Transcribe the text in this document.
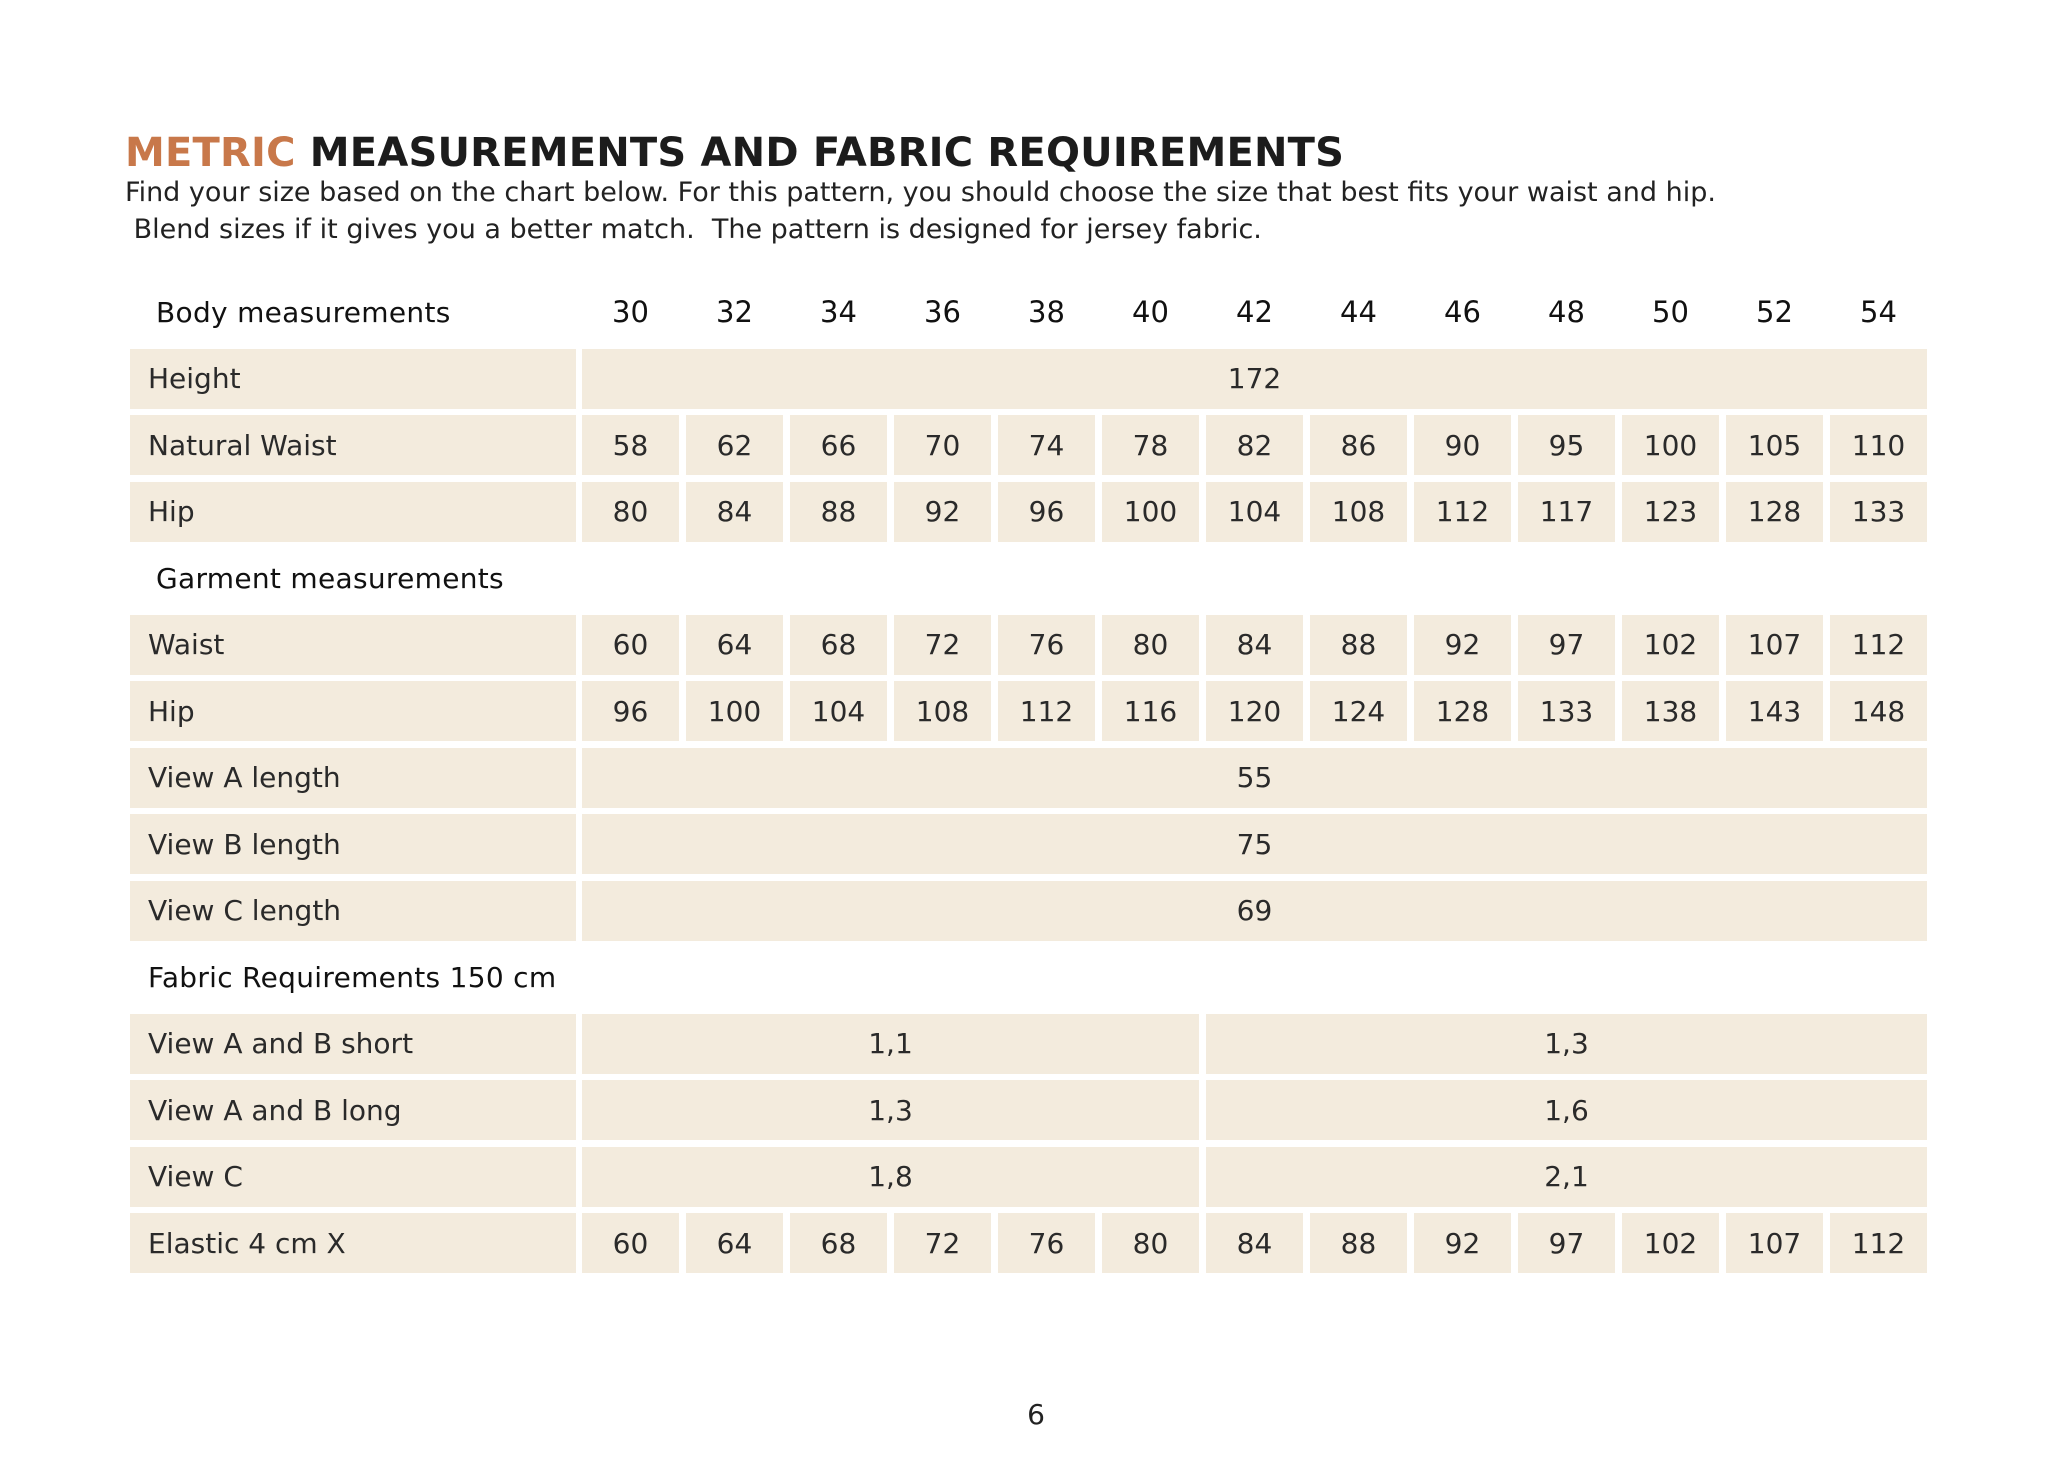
METRIC MEASUREMENTS AND FABRIC REQUIREMENTS

Find your size based on the chart below. For this pattern, you should choose the size that best fits your waist and hip.
Blend sizes if it gives you a better match.  The pattern is designed for jersey fabric.

Body measurements	30	32	34	36	38	40	42	44	46	48	50	52	54
Height	172
Natural Waist	58	62	66	70	74	78	82	86	90	95	100	105	110
Hip	80	84	88	92	96	100	104	108	112	117	123	128	133
Garment measurements
Waist	60	64	68	72	76	80	84	88	92	97	102	107	112
Hip	96	100	104	108	112	116	120	124	128	133	138	143	148
View A length	55
View B length	75
View C length	69
Fabric Requirements 150 cm
View A and B short	1,1	1,3
View A and B long	1,3	1,6
View C	1,8	2,1
Elastic 4 cm X	60	64	68	72	76	80	84	88	92	97	102	107	112
6
